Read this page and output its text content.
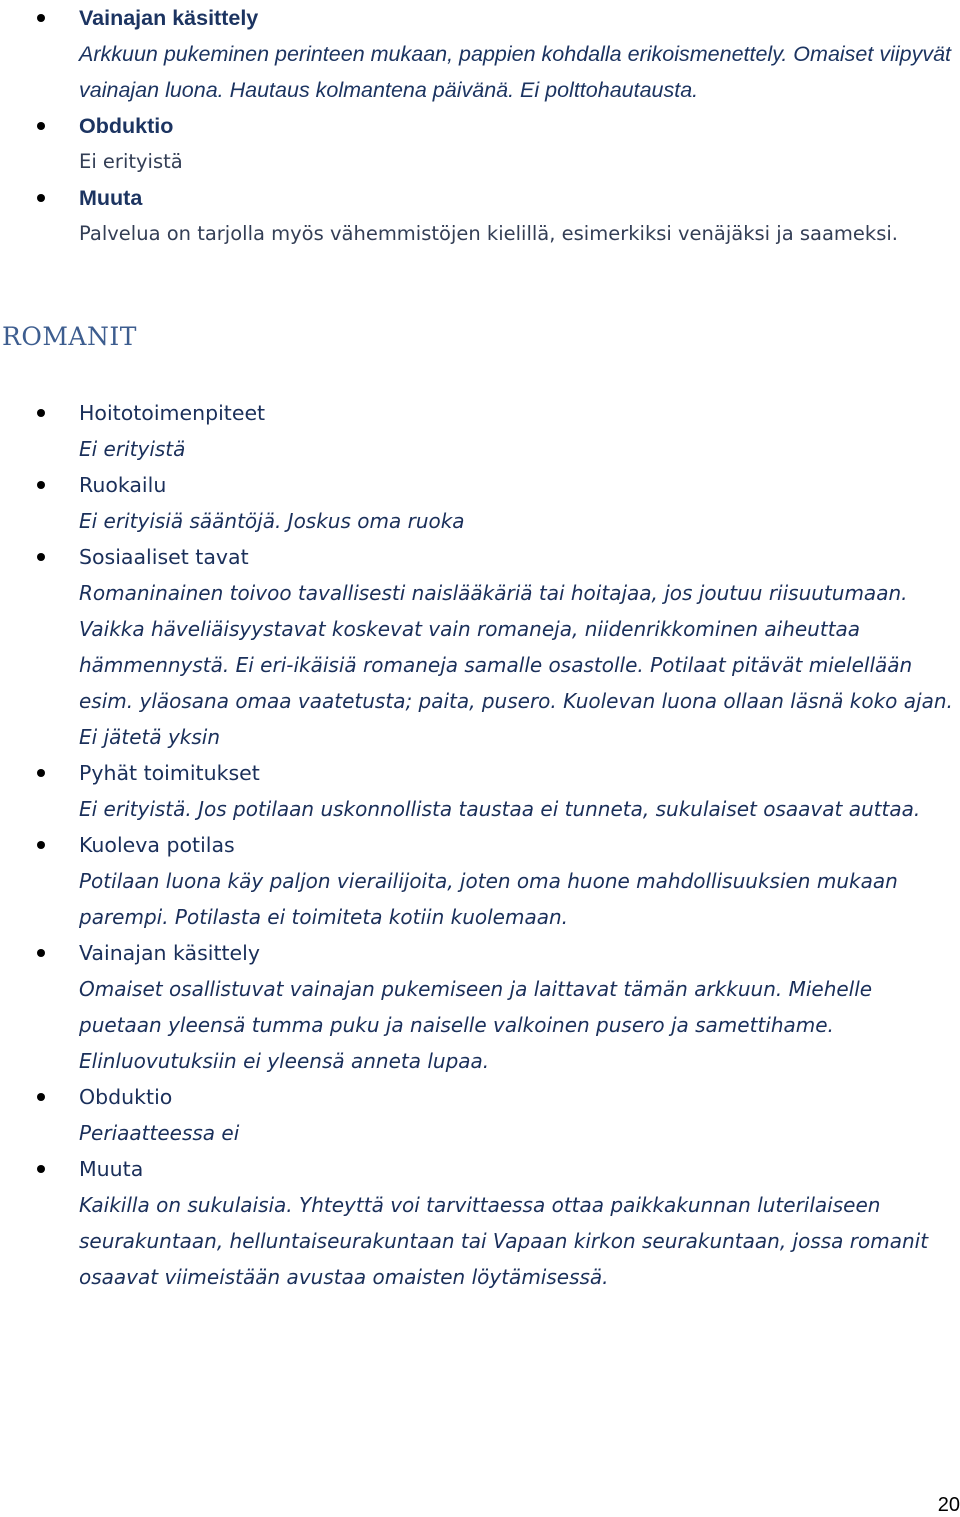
Vainajan käsittely
Arkkuun pukeminen perinteen mukaan, pappien kohdalla erikoismenettely. Omaiset viipyvät vainajan luona. Hautaus kolmantena päivänä. Ei polttohautausta.
Obduktio
Ei erityistä
Muuta
Palvelua on tarjolla myös vähemmistöjen kielillä, esimerkiksi venäjäksi ja saameksi.
ROMANIT
Hoitotoimenpiteet
Ei erityistä
Ruokailu
Ei erityisiä sääntöjä. Joskus oma ruoka
Sosiaaliset tavat
Romaninainen toivoo tavallisesti naislääkäriä tai hoitajaa, jos joutuu riisuutumaan. Vaikka häveliäisyystavat koskevat vain romaneja, niidenrikkominen aiheuttaa hämmennystä. Ei eri-ikäisiä romaneja samalle osastolle. Potilaat pitävät mielellään esim. yläosana omaa vaatetusta; paita, pusero. Kuolevan luona ollaan läsnä koko ajan. Ei jätetä yksin
Pyhät toimitukset
Ei erityistä. Jos potilaan uskonnollista taustaa ei tunneta, sukulaiset osaavat auttaa.
Kuoleva potilas
Potilaan luona käy paljon vierailijoita, joten oma huone mahdollisuuksien mukaan parempi. Potilasta ei toimiteta kotiin kuolemaan.
Vainajan käsittely
Omaiset osallistuvat vainajan pukemiseen ja laittavat tämän arkkuun. Miehelle puetaan yleensä tumma puku ja naiselle valkoinen pusero ja samettihame. Elinluovutuksiin ei yleensä anneta lupaa.
Obduktio
Periaatteessa ei
Muuta
Kaikilla on sukulaisia. Yhteyttä voi tarvittaessa ottaa paikkakunnan luterilaiseen seurakuntaan, helluntaiseurakuntaan tai Vapaan kirkon seurakuntaan, jossa romanit osaavat viimeistään avustaa omaisten löytämisessä.
20
